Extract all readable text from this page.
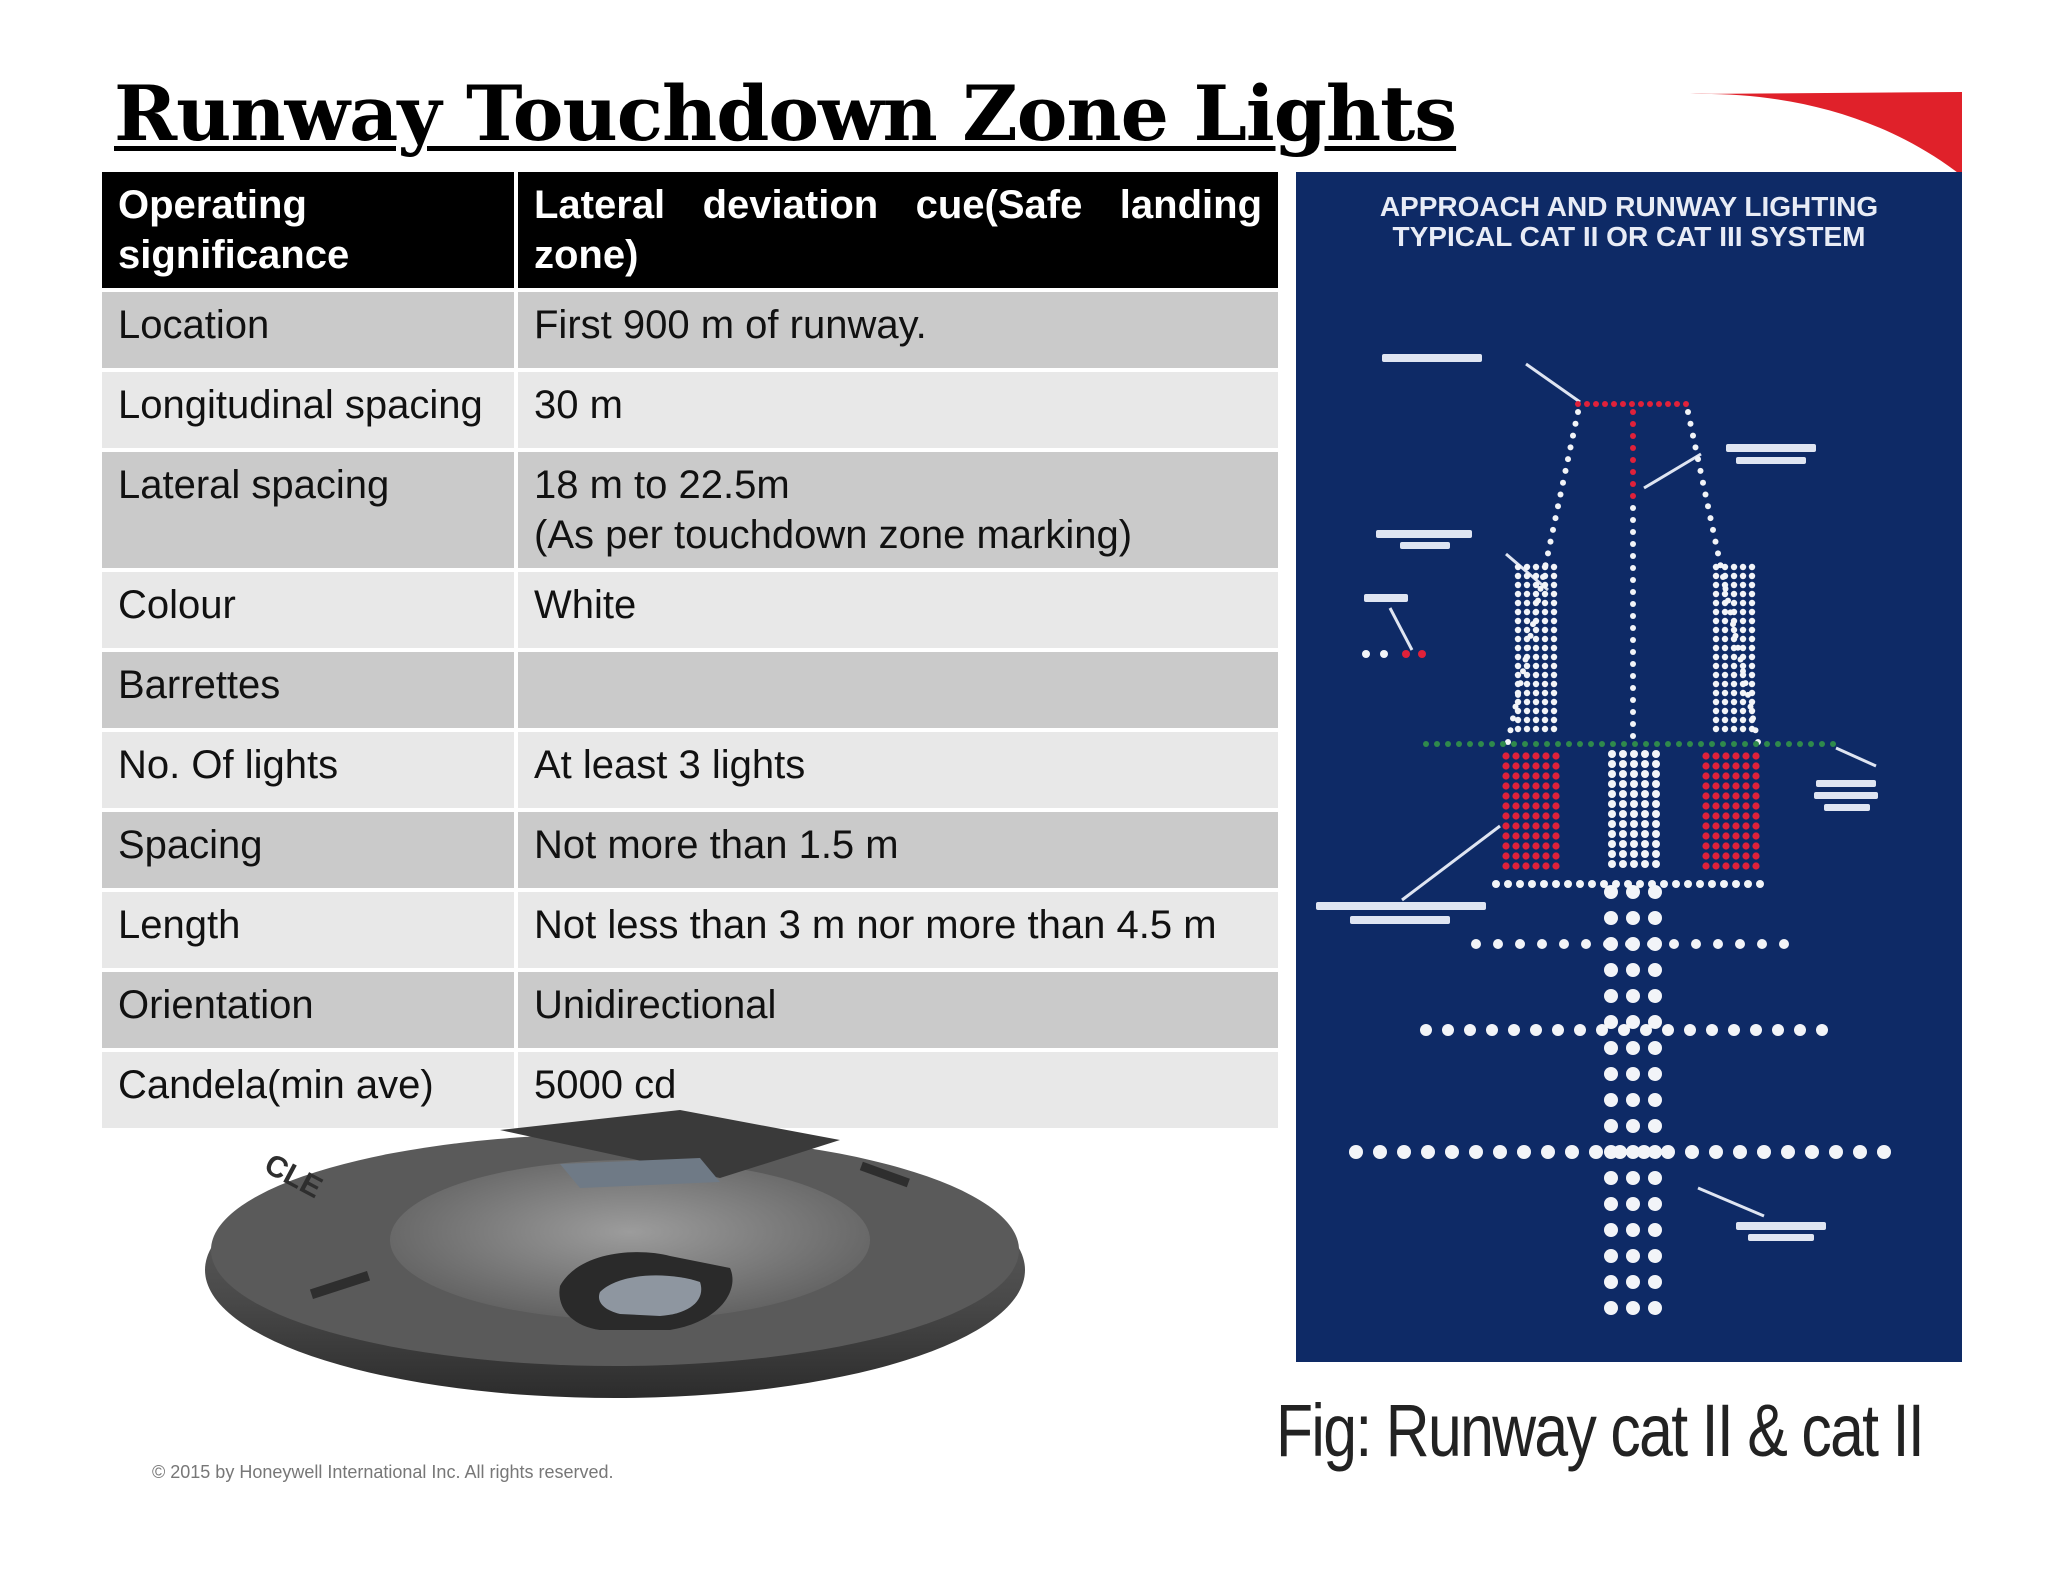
Runway Touchdown Zone Lights
Operating significance	Lateral deviation cue(Safe landing zone)
Location	First 900 m of runway.
Longitudinal spacing	30 m
Lateral spacing	18 m to 22.5m
(As per touchdown zone marking)

Colour	White
Barrettes	
No. Of lights	At least 3 lights
Spacing	Not more than 1.5 m
Length	Not less than 3 m nor more than 4.5 m
Orientation	Unidirectional
Candela(min ave)	5000 cd
APPROACH AND RUNWAY LIGHTING
TYPICAL CAT II OR CAT III SYSTEM
Fig: Runway cat II & cat II
CLE
© 2015 by Honeywell International Inc. All rights reserved.
